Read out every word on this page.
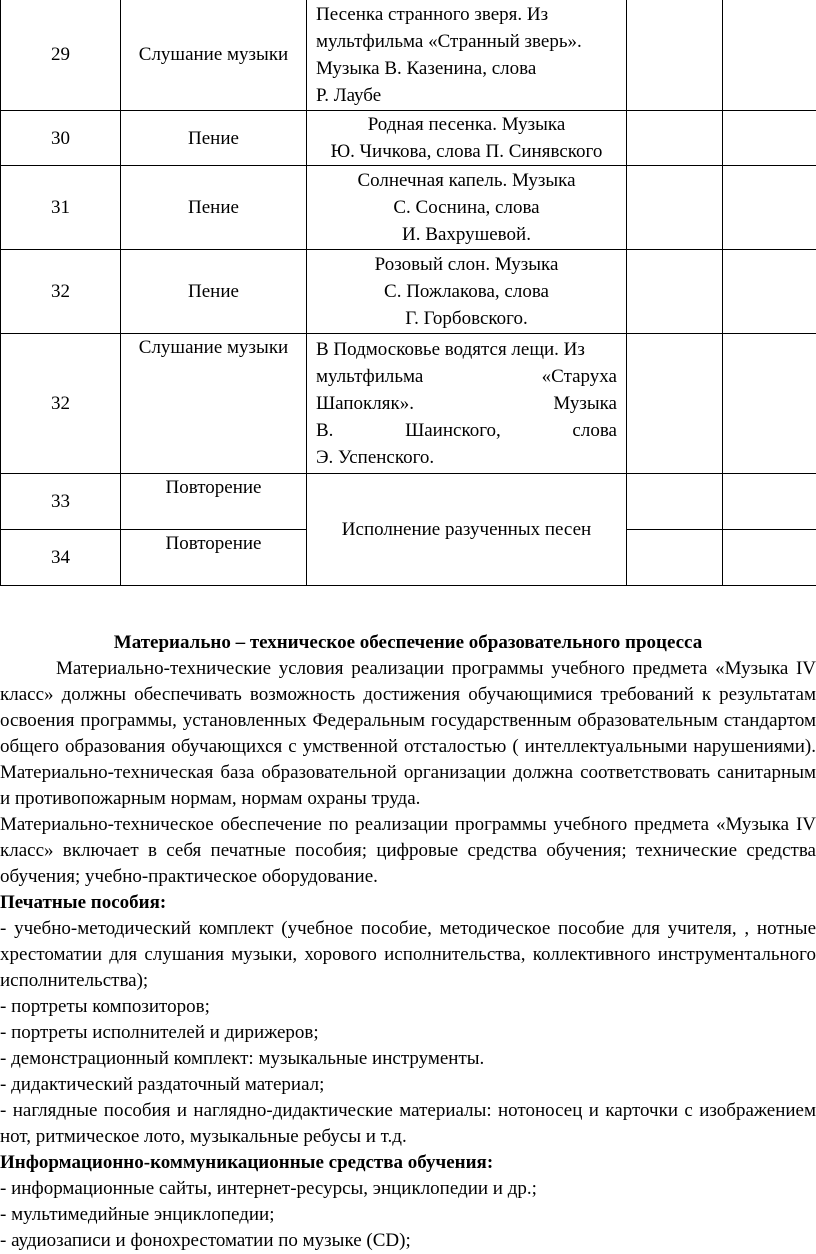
29	Слушание музыки	Песенка странного зверя. Из
мультфильма «Странный зверь».
Музыка В. Казенина, слова
Р. Лаубе		

30	Пение	Родная песенка. Музыка
Ю. Чичкова, слова П. Синявского		

31	Пение	Солнечная капель. Музыка
С. Соснина, слова
И. Вахрушевой.		

32	Пение	Розовый слон. Музыка
С. Пожлакова, слова
Г. Горбовского.		

32	Слушание музыки	В Подмосковье водятся лещи. Из
мультфильма «Старуха
Шапокляк». Музыка
В. Шаинского, слова
Э. Успенского.		

33	Повторение	Исполнение разученных песен		
34	Повторение			

Материально – техническое обеспечение образовательного процесса

Материально-технические условия реализации программы учебного предмета «Музыка IV класс» должны обеспечивать возможность достижения обучающимися требований к результатам освоения программы, установленных Федеральным государственным образовательным стандартом общего образования обучающихся с умственной отсталостью ( интеллектуальными нарушениями). Материально-техническая база образовательной организации должна соответствовать санитарным и противопожарным нормам, нормам охраны труда.

Материально-техническое обеспечение по реализации программы учебного предмета «Музыка IV класс» включает в себя печатные пособия; цифровые средства обучения; технические средства обучения; учебно-практическое оборудование.

Печатные пособия:

- учебно-методический комплект (учебное пособие, методическое пособие для учителя, , нотные хрестоматии для слушания музыки, хорового исполнительства, коллективного инструментального исполнительства);

- портреты композиторов;

- портреты исполнителей и дирижеров;

- демонстрационный комплект: музыкальные инструменты.

- дидактический раздаточный материал;

- наглядные пособия и наглядно-дидактические материалы: нотоносец и карточки с изображением нот, ритмическое лото, музыкальные ребусы и т.д.

Информационно-коммуникационные средства обучения:

- информационные сайты, интернет-ресурсы, энциклопедии и др.;

- мультимедийные энциклопедии;

- аудиозаписи и фонохрестоматии по музыке (CD);
